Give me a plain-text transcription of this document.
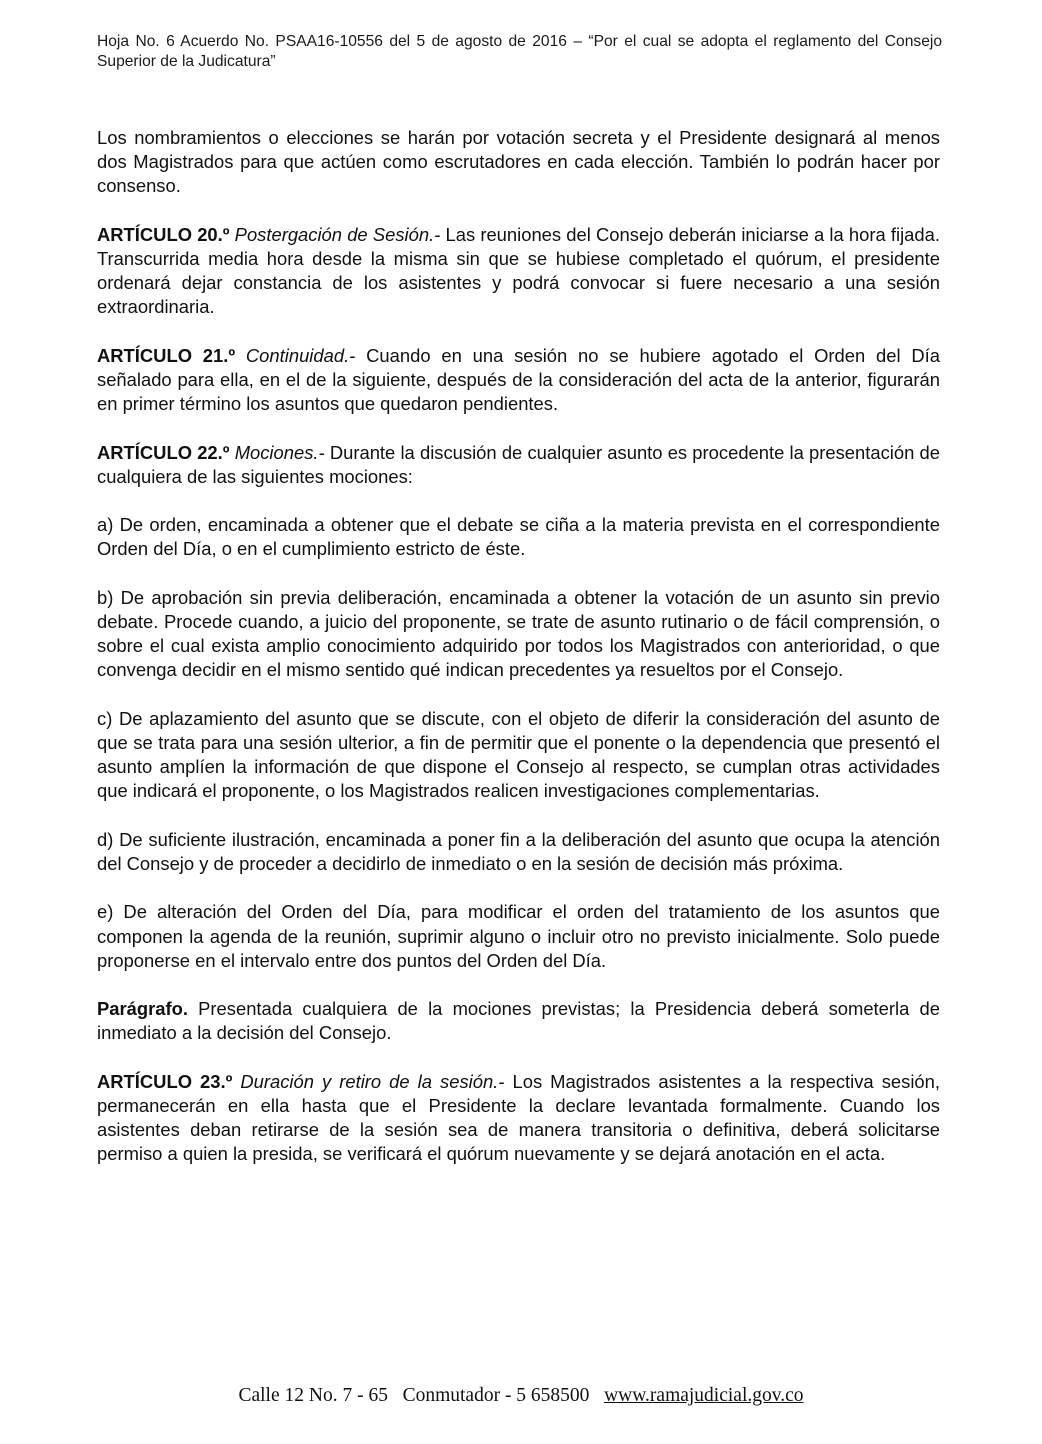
Hoja No. 6 Acuerdo No. PSAA16-10556 del 5 de agosto de 2016 – “Por el cual se adopta el reglamento del Consejo Superior de la Judicatura”

Los nombramientos o elecciones se harán por votación secreta y el Presidente designará al menos dos Magistrados para que actúen como escrutadores en cada elección. También lo podrán hacer por consenso.

ARTÍCULO 20.º Postergación de Sesión.- Las reuniones del Consejo deberán iniciarse a la hora fijada. Transcurrida media hora desde la misma sin que se hubiese completado el quórum, el presidente ordenará dejar constancia de los asistentes y podrá convocar si fuere necesario a una sesión extraordinaria.

ARTÍCULO 21.º Continuidad.- Cuando en una sesión no se hubiere agotado el Orden del Día señalado para ella, en el de la siguiente, después de la consideración del acta de la anterior, figurarán en primer término los asuntos que quedaron pendientes.

ARTÍCULO 22.º Mociones.- Durante la discusión de cualquier asunto es procedente la presentación de cualquiera de las siguientes mociones:

a) De orden, encaminada a obtener que el debate se ciña a la materia prevista en el correspondiente Orden del Día, o en el cumplimiento estricto de éste.

b) De aprobación sin previa deliberación, encaminada a obtener la votación de un asunto sin previo debate. Procede cuando, a juicio del proponente, se trate de asunto rutinario o de fácil comprensión, o sobre el cual exista amplio conocimiento adquirido por todos los Magistrados con anterioridad, o que convenga decidir en el mismo sentido qué indican precedentes ya resueltos por el Consejo.

c) De aplazamiento del asunto que se discute, con el objeto de diferir la consideración del asunto de que se trata para una sesión ulterior, a fin de permitir que el ponente o la dependencia que presentó el asunto amplíen la información de que dispone el Consejo al respecto, se cumplan otras actividades que indicará el proponente, o los Magistrados realicen investigaciones complementarias.

d) De suficiente ilustración, encaminada a poner fin a la deliberación del asunto que ocupa la atención del Consejo y de proceder a decidirlo de inmediato o en la sesión de decisión más próxima.

e) De alteración del Orden del Día, para modificar el orden del tratamiento de los asuntos que componen la agenda de la reunión, suprimir alguno o incluir otro no previsto inicialmente. Solo puede proponerse en el intervalo entre dos puntos del Orden del Día.

Parágrafo. Presentada cualquiera de la mociones previstas; la Presidencia deberá someterla de inmediato a la decisión del Consejo.

ARTÍCULO 23.º Duración y retiro de la sesión.- Los Magistrados asistentes a la respectiva sesión, permanecerán en ella hasta que el Presidente la declare levantada formalmente. Cuando los asistentes deban retirarse de la sesión sea de manera transitoria o definitiva, deberá solicitarse permiso a quien la presida, se verificará el quórum nuevamente y se dejará anotación en el acta.

Calle 12 No. 7 - 65 Conmutador - 5 658500 www.ramajudicial.gov.co
